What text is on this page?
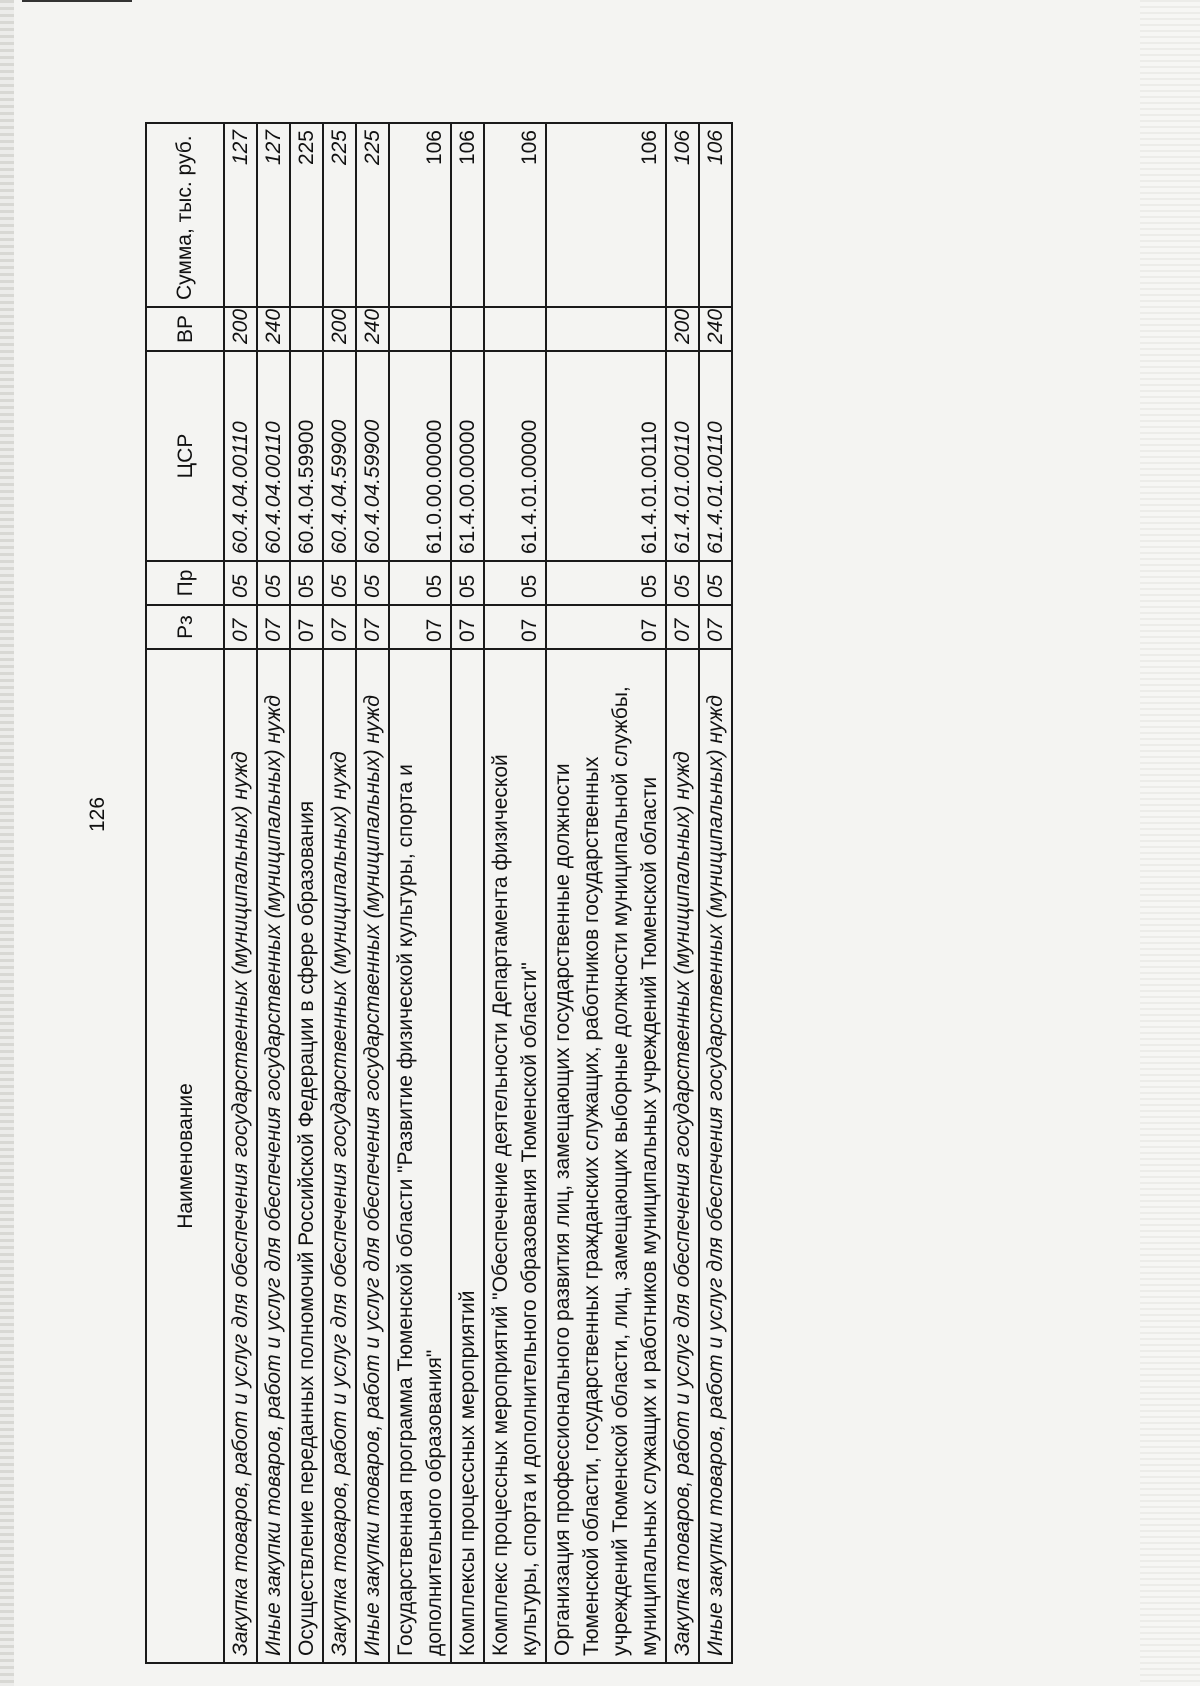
126
Наименование	Рз	Пр	ЦСР	ВР	Сумма, тыс. руб.
Закупка товаров, работ и услуг для обеспечения государственных (муниципальных) нужд	07	05	60.4.04.00110	200	127
Иные закупки товаров, работ и услуг для обеспечения государственных (муниципальных) нужд	07	05	60.4.04.00110	240	127
Осуществление переданных полномочий Российской Федерации в сфере образования	07	05	60.4.04.59900		225
Закупка товаров, работ и услуг для обеспечения государственных (муниципальных) нужд	07	05	60.4.04.59900	200	225
Иные закупки товаров, работ и услуг для обеспечения государственных (муниципальных) нужд	07	05	60.4.04.59900	240	225
Государственная программа Тюменской области "Развитие физической культуры, спорта и дополнительного образования"	07	05	61.0.00.00000		106
Комплексы процессных мероприятий	07	05	61.4.00.00000		106
Комплекс процессных мероприятий "Обеспечение деятельности Департамента физической культуры, спорта и дополнительного образования Тюменской области"	07	05	61.4.01.00000		106
Организация профессионального развития лиц, замещающих государственные должности Тюменской области, государственных гражданских служащих, работников государственных учреждений Тюменской области, лиц, замещающих выборные должности муниципальной службы, муниципальных служащих и работников муниципальных учреждений Тюменской области	07	05	61.4.01.00110		106
Закупка товаров, работ и услуг для обеспечения государственных (муниципальных) нужд	07	05	61.4.01.00110	200	106
Иные закупки товаров, работ и услуг для обеспечения государственных (муниципальных) нужд	07	05	61.4.01.00110	240	106
